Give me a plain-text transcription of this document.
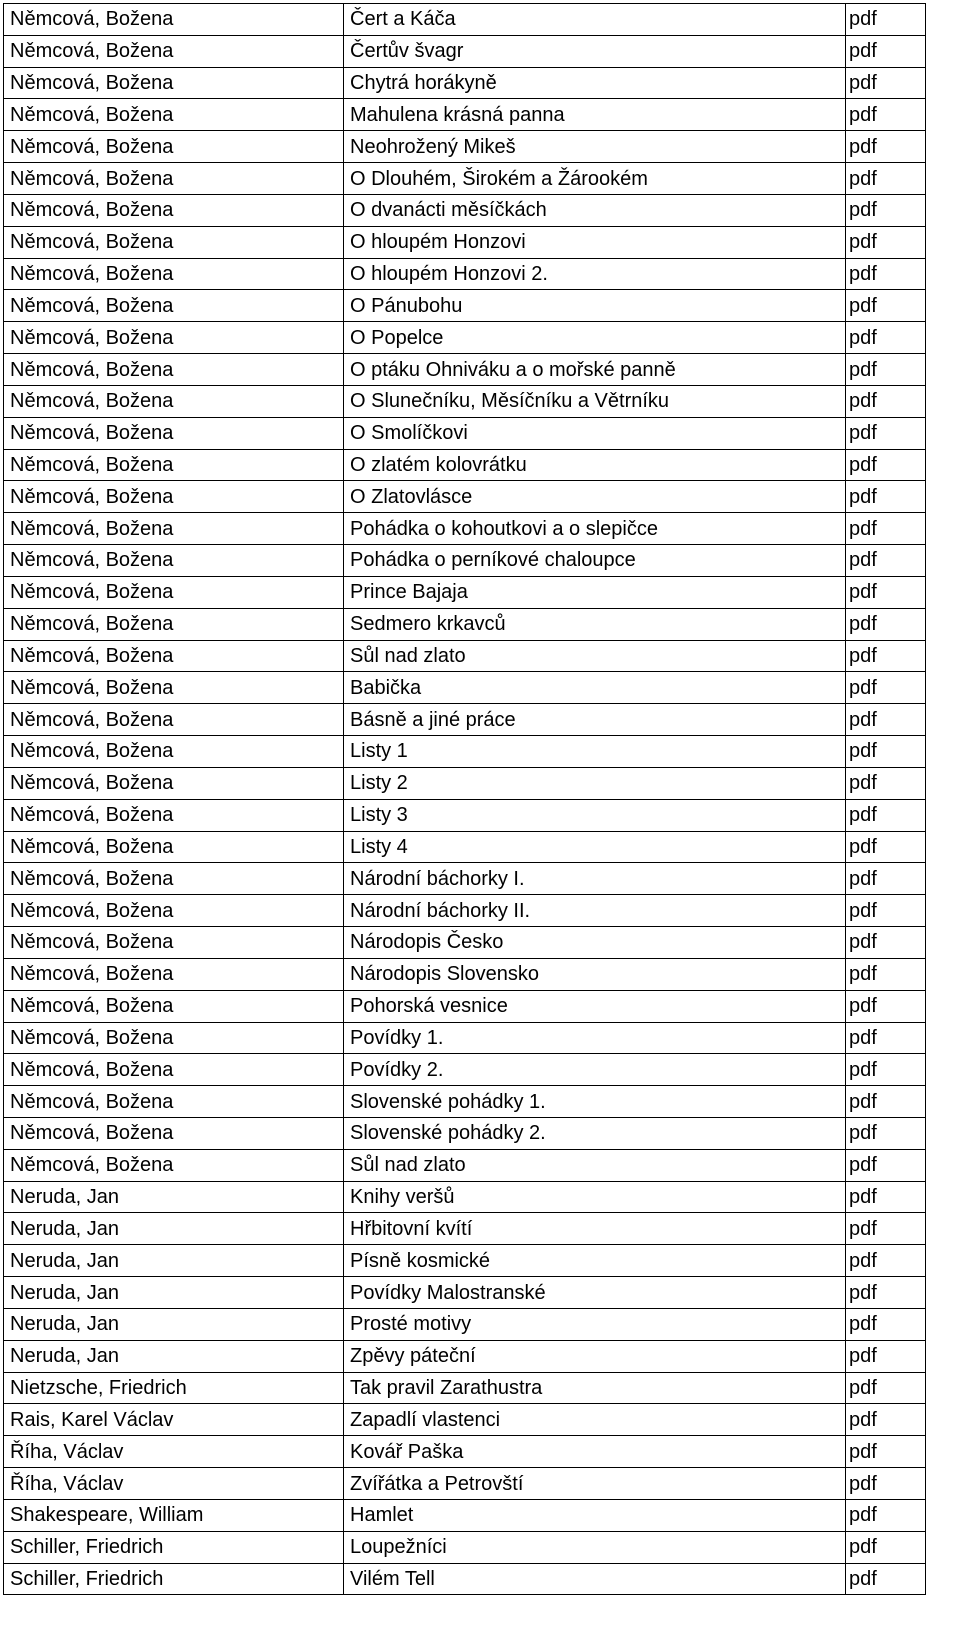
Němcová, Božena	Čert a Káča	pdf
Němcová, Božena	Čertův švagr	pdf
Němcová, Božena	Chytrá horákyně	pdf
Němcová, Božena	Mahulena krásná panna	pdf
Němcová, Božena	Neohrožený Mikeš	pdf
Němcová, Božena	O Dlouhém, Širokém a Žárookém	pdf
Němcová, Božena	O dvanácti měsíčkách	pdf
Němcová, Božena	O hloupém Honzovi	pdf
Němcová, Božena	O hloupém Honzovi 2.	pdf
Němcová, Božena	O Pánubohu	pdf
Němcová, Božena	O Popelce	pdf
Němcová, Božena	O ptáku Ohniváku a o mořské panně	pdf
Němcová, Božena	O Slunečníku, Měsíčníku a Větrníku	pdf
Němcová, Božena	O Smolíčkovi	pdf
Němcová, Božena	O zlatém kolovrátku	pdf
Němcová, Božena	O Zlatovlásce	pdf
Němcová, Božena	Pohádka o kohoutkovi a o slepičce	pdf
Němcová, Božena	Pohádka o perníkové chaloupce	pdf
Němcová, Božena	Prince Bajaja	pdf
Němcová, Božena	Sedmero krkavců	pdf
Němcová, Božena	Sůl nad zlato	pdf
Němcová, Božena	Babička	pdf
Němcová, Božena	Básně a jiné práce	pdf
Němcová, Božena	Listy 1	pdf
Němcová, Božena	Listy 2	pdf
Němcová, Božena	Listy 3	pdf
Němcová, Božena	Listy 4	pdf
Němcová, Božena	Národní báchorky I.	pdf
Němcová, Božena	Národní báchorky II.	pdf
Němcová, Božena	Národopis Česko	pdf
Němcová, Božena	Národopis Slovensko	pdf
Němcová, Božena	Pohorská vesnice	pdf
Němcová, Božena	Povídky 1.	pdf
Němcová, Božena	Povídky 2.	pdf
Němcová, Božena	Slovenské pohádky 1.	pdf
Němcová, Božena	Slovenské pohádky 2.	pdf
Němcová, Božena	Sůl nad zlato	pdf
Neruda, Jan	Knihy veršů	pdf
Neruda, Jan	Hřbitovní kvítí	pdf
Neruda, Jan	Písně kosmické	pdf
Neruda, Jan	Povídky Malostranské	pdf
Neruda, Jan	Prosté motivy	pdf
Neruda, Jan	Zpěvy páteční	pdf
Nietzsche, Friedrich	Tak pravil Zarathustra	pdf
Rais, Karel Václav	Zapadlí vlastenci	pdf
Říha, Václav	Kovář Paška	pdf
Říha, Václav	Zvířátka a Petrovští	pdf
Shakespeare, William	Hamlet	pdf
Schiller, Friedrich	Loupežníci	pdf
Schiller, Friedrich	Vilém Tell	pdf
